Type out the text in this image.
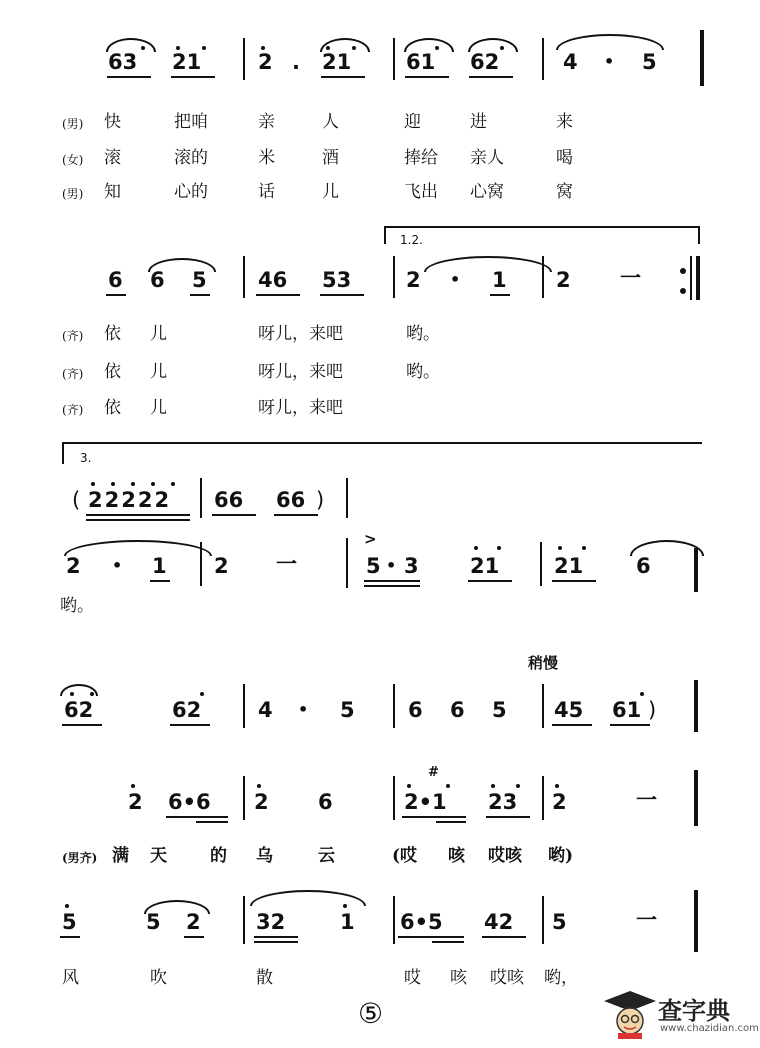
63 21	2 . 21	61 62	4 • 5
(男) 快	把咱	亲	人	迎	进	来
(女) 滚	滚的	米	酒	捧给 亲人	喝
(男) 知	心的	话	儿	飞出 心窝	窝
1.2.
6 6 5 46 53	2 • 1 2 一
(齐) 依 儿	呀儿，来吧	哟。
(齐) 依 儿	呀儿，来吧	哟。
(齐) 依 儿	呀儿，来吧
3.
( 22222 66 66 )
2 • 1 2 一
>
5 • 3 21	21	6
哟。
稍慢
62	62	4 • 5	6 6 5 45 61 )
2 6•6 2 6
#
2•1 23 2	一
(男齐) 满 天	的 乌	云	(哎 咳 哎咳 哟)
5	5 2	32	1 6•5 42 5	一
风	吹	散	哎 咳 哎咳 哟，
⑤	查字典
www.chazidian.com
